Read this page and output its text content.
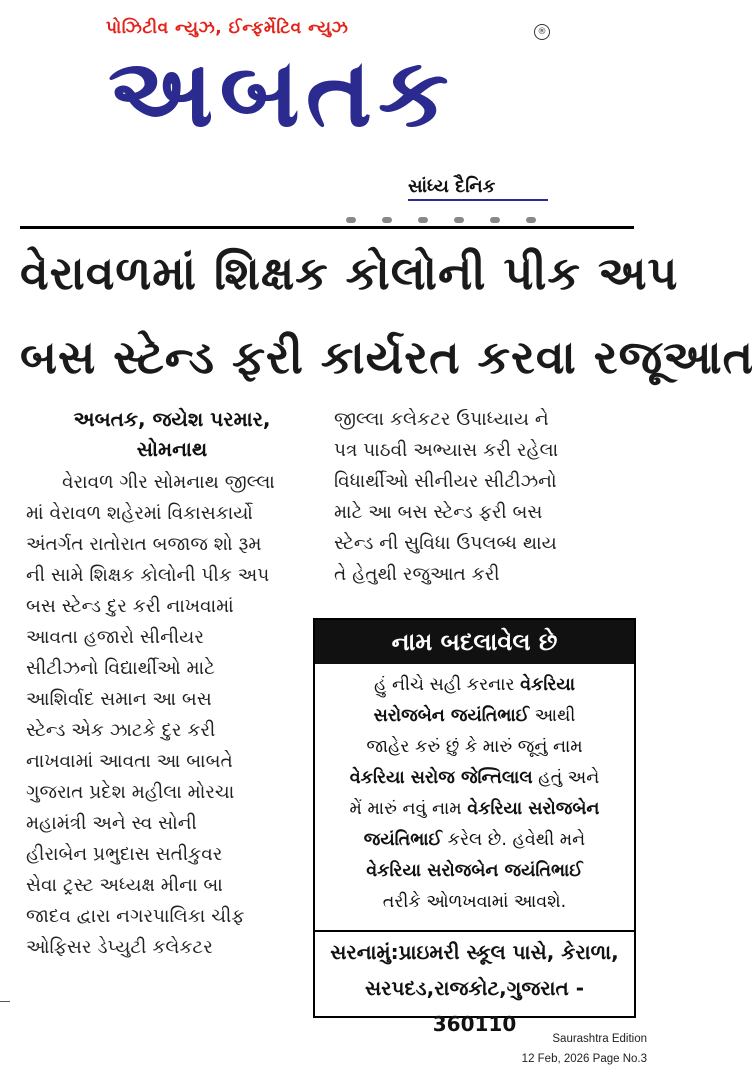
પોઝિટીવ ન્યુઝ, ઈન્ફર્મેટિવ ન્યુઝ	®
અબતક
સાંધ્ય દૈનિક
વેરાવળમાં શિક્ષક કોલોની પીક અપ
બસ સ્ટેન્ડ ફરી કાર્યરત કરવા રજૂઆત
અબતક, જયેશ પરમાર,
સોમનાથ

વેરાવળ ગીર સોમનાથ જીલ્લા

માં વેરાવળ શહેરમાં વિકાસકાર્યો

અંતર્ગત રાતોરાત બજાજ શો રૂમ

ની સામે શિક્ષક કોલોની પીક અપ

બસ સ્ટેન્ડ દુર કરી નાખવામાં

આવતા હજારો સીનીયર

સીટીઝનો વિદ્યાર્થીઓ માટે

આશિર્વાદ સમાન આ બસ

સ્ટેન્ડ એક ઝાટકે દુર કરી

નાખવામાં આવતા આ બાબતે

ગુજરાત પ્રદેશ મહીલા મોરચા

મહામંત્રી અને સ્વ સોની

હીરાબેન પ્રભુદાસ સતીકુવર

સેવા ટ્રસ્ટ અધ્યક્ષ મીના બા

જાદવ દ્વારા નગરપાલિકા ચીફ

ઓફિસર ડેપ્યુટી કલેકટર

જીલ્લા કલેકટર ઉપાધ્યાય ને

પત્ર પાઠવી અભ્યાસ કરી રહેલા

વિધાર્થીઓ સીનીયર સીટીઝનો

માટે આ બસ સ્ટેન્ડ ફરી બસ

સ્ટેન્ડ ની સુવિધા ઉપલબ્ધ થાય

તે હેતુથી રજુઆત કરી

નામ બદલાવેલ છે
હું નીચે સહી કરનાર વેકરિયા
સરોજબેન જયંતિભાઈ આથી
જાહેર કરું છું કે મારું જૂનું નામ
વેકરિયા સરોજ જેન્તિલાલ હતું અને
મેં મારું નવું નામ વેકરિયા સરોજબેન
જયંતિભાઈ કરેલ છે. હવેથી મને
વેકરિયા સરોજબેન જયંતિભાઈ
તરીકે ઓળખવામાં આવશે.
સરનામું:પ્રાઇમરી સ્કૂલ પાસે, કેરાળા,
સરપદડ,રાજકોટ,ગુજરાત - 360110
Saurashtra Edition
12 Feb, 2026 Page No.3
